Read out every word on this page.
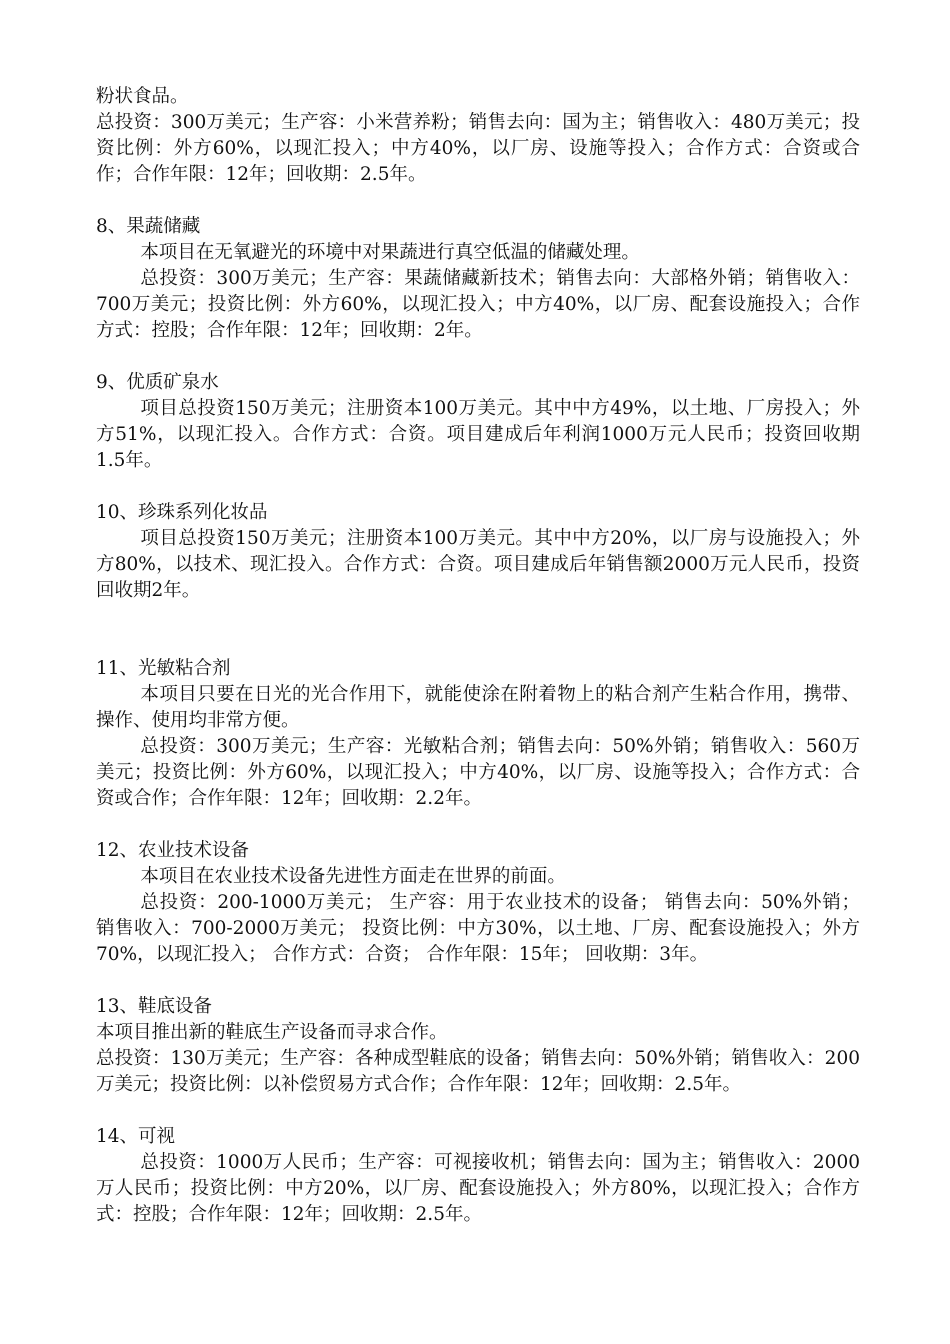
粉状食品。

总投资：300万美元；生产容：小米营养粉；销售去向：国为主；销售收入：480万美元；投资比例：外方60%，以现汇投入；中方40%，以厂房、设施等投入；合作方式：合资或合作；合作年限：12年；回收期：2.5年。

8、果蔬储藏

本项目在无氧避光的环境中对果蔬进行真空低温的储藏处理。

总投资：300万美元；生产容：果蔬储藏新技术；销售去向：大部格外销；销售收入：700万美元；投资比例：外方60%，以现汇投入；中方40%，以厂房、配套设施投入；合作方式：控股；合作年限：12年；回收期：2年。

9、优质矿泉水

项目总投资150万美元；注册资本100万美元。其中中方49%，以土地、厂房投入；外方51%，以现汇投入。合作方式：合资。项目建成后年利润1000万元人民币；投资回收期1.5年。

10、珍珠系列化妆品

项目总投资150万美元；注册资本100万美元。其中中方20%，以厂房与设施投入；外方80%，以技术、现汇投入。合作方式：合资。项目建成后年销售额2000万元人民币，投资回收期2年。

11、光敏粘合剂

本项目只要在日光的光合作用下，就能使涂在附着物上的粘合剂产生粘合作用，携带、操作、使用均非常方便。

总投资：300万美元；生产容：光敏粘合剂；销售去向：50%外销；销售收入：560万美元；投资比例：外方60%，以现汇投入；中方40%，以厂房、设施等投入；合作方式：合资或合作；合作年限：12年；回收期：2.2年。

12、农业技术设备

本项目在农业技术设备先进性方面走在世界的前面。

总投资：200-1000万美元； 生产容：用于农业技术的设备； 销售去向：50%外销； 销售收入：700-2000万美元； 投资比例：中方30%，以土地、厂房、配套设施投入；外方70%，以现汇投入； 合作方式：合资； 合作年限：15年； 回收期：3年。

13、鞋底设备

本项目推出新的鞋底生产设备而寻求合作。

总投资：130万美元；生产容：各种成型鞋底的设备；销售去向：50%外销；销售收入：200万美元；投资比例：以补偿贸易方式合作；合作年限：12年；回收期：2.5年。

14、可视

总投资：1000万人民币；生产容：可视接收机；销售去向：国为主；销售收入：2000万人民币；投资比例：中方20%，以厂房、配套设施投入；外方80%，以现汇投入；合作方式：控股；合作年限：12年；回收期：2.5年。
